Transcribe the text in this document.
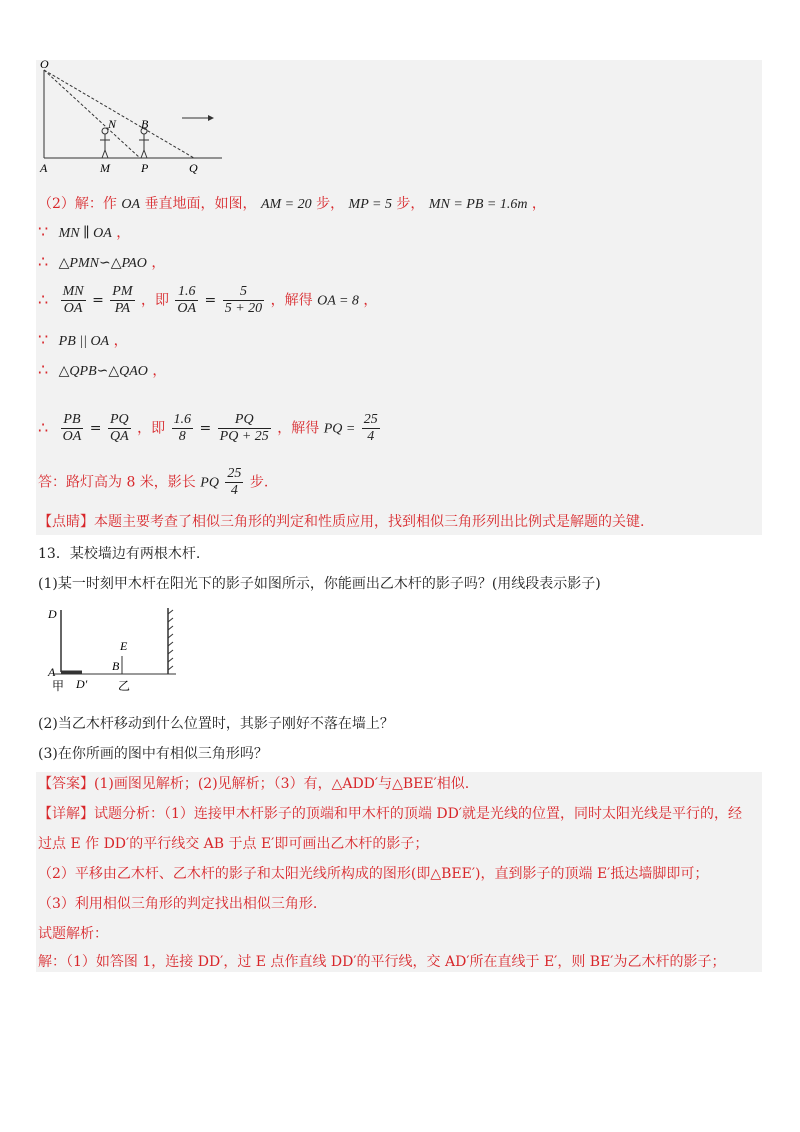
O
N B
A	M	P	Q
（2）解：作 OA 垂直地面，如图， AM = 20 步， MP = 5 步， MN = PB = 1.6m ，
∵ MN ∥ OA ，
∴ △PMN∽△PAO ，
∴ $\frac{MN}{OA} = \frac{PM}{PA}$ ，即 $\frac{1.6}{OA} = \frac{5}{5 + 20}$ ，解得 OA = 8 ，
∵ PB || OA ，
∴ △QPB∽△QAO ，
∴ $\frac{PB}{OA} = \frac{PQ}{QA}$ ，即 $\frac{1.6}{8} = \frac{PQ}{PQ + 25}$ ，解得 PQ = $\frac{25}{4}$
答：路灯高为 8 米，影长 PQ $\frac{25}{4}$ 步.
【点睛】本题主要考查了相似三角形的判定和性质应用，找到相似三角形列出比例式是解题的关键.
13．某校墙边有两根木杆.
(1)某一时刻甲木杆在阳光下的影子如图所示，你能画出乙木杆的影子吗？(用线段表示影子)
D
E
B
A
D′
甲	乙
(2)当乙木杆移动到什么位置时，其影子刚好不落在墙上？
(3)在你所画的图中有相似三角形吗？
【答案】(1)画图见解析；(2)见解析；（3）有，△ADD′与△BEE′相似.
【详解】试题分析：（1）连接甲木杆影子的顶端和甲木杆的顶端 DD′就是光线的位置，同时太阳光线是平行的，经
过点 E 作 DD′的平行线交 AB 于点 E′即可画出乙木杆的影子；
（2）平移由乙木杆、乙木杆的影子和太阳光线所构成的图形(即△BEE′)，直到影子的顶端 E′抵达墙脚即可；
（3）利用相似三角形的判定找出相似三角形.
试题解析：
解：（1）如答图 1，连接 DD′，过 E 点作直线 DD′的平行线，交 AD′所在直线于 E′，则 BE′为乙木杆的影子；
